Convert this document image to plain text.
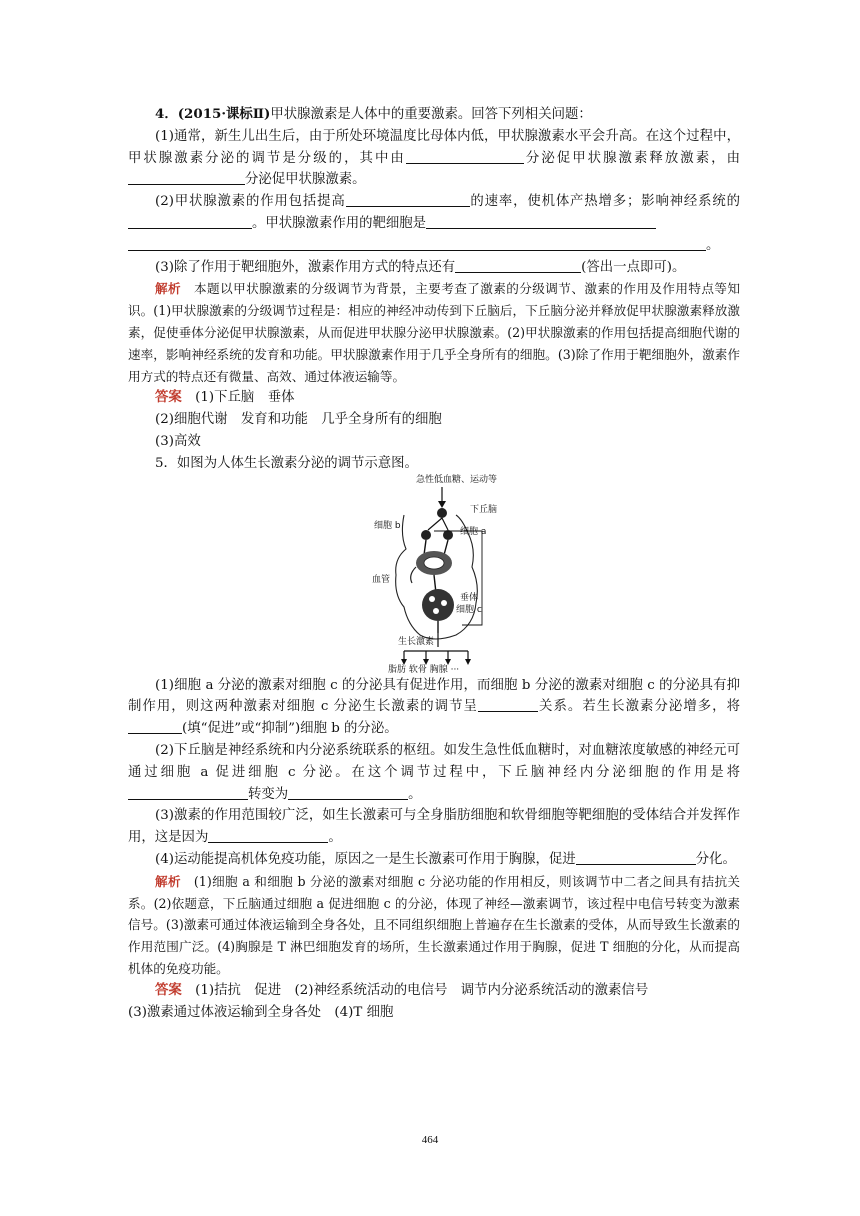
4．(2015·课标Ⅱ)甲状腺激素是人体中的重要激素。回答下列相关问题：

(1)通常，新生儿出生后，由于所处环境温度比母体内低，甲状腺激素水平会升高。在这个过程中，甲状腺激素分泌的调节是分级的，其中由	分泌促甲状腺激素释放激素，由分泌促甲状腺激素。

(2)甲状腺激素的作用包括提高	的速率，使机体产热增多；影响神经系统的。甲状腺激素作用的靶细胞是
。

(3)除了作用于靶细胞外，激素作用方式的特点还有	(答出一点即可)。

解析　 本题以甲状腺激素的分级调节为背景，主要考查了激素的分级调节、激素的作用及作用特点等知识。(1)甲状腺激素的分级调节过程是：相应的神经冲动传到下丘脑后，下丘脑分泌并释放促甲状腺激素释放激素，促使垂体分泌促甲状腺激素，从而促进甲状腺分泌甲状腺激素。(2)甲状腺激素的作用包括提高细胞代谢的速率，影响神经系统的发育和功能。甲状腺激素作用于几乎全身所有的细胞。(3)除了作用于靶细胞外，激素作用方式的特点还有微量、高效、通过体液运输等。

答案　 (1)下丘脑　垂体

(2)细胞代谢　发育和功能　几乎全身所有的细胞

(3)高效

5．如图为人体生长激素分泌的调节示意图。

急性低血糖、运动等
下丘脑
细胞 b
细胞 a
血管
垂体
细胞 c
生长激素
脂肪 软骨 胸腺 ···

(1)细胞 a 分泌的激素对细胞 c 的分泌具有促进作用，而细胞 b 分泌的激素对细胞 c 的分泌具有抑制作用，则这两种激素对细胞 c 分泌生长激素的调节呈	关系。若生长激素分泌增多，将(填“促进”或“抑制”)细胞 b 的分泌。

(2)下丘脑是神经系统和内分泌系统联系的枢纽。如发生急性低血糖时，对血糖浓度敏感的神经元可通过细胞 a 促进细胞 c 分泌。在这个调节过程中，下丘脑神经内分泌细胞的作用是将转变为	。

(3)激素的作用范围较广泛，如生长激素可与全身脂肪细胞和软骨细胞等靶细胞的受体结合并发挥作用，这是因为	。

(4)运动能提高机体免疫功能，原因之一是生长激素可作用于胸腺，促进	分化。

解析　 (1)细胞 a 和细胞 b 分泌的激素对细胞 c 分泌功能的作用相反，则该调节中二者之间具有拮抗关系。(2)依题意，下丘脑通过细胞 a 促进细胞 c 的分泌，体现了神经—激素调节，该过程中电信号转变为激素信号。(3)激素可通过体液运输到全身各处，且不同组织细胞上普遍存在生长激素的受体，从而导致生长激素的作用范围广泛。(4)胸腺是 T 淋巴细胞发育的场所，生长激素通过作用于胸腺，促进 T 细胞的分化，从而提高机体的免疫功能。

答案　 (1)拮抗　促进　(2)神经系统活动的电信号　调节内分泌系统活动的激素信号

(3)激素通过体液运输到全身各处　(4)T 细胞

464
